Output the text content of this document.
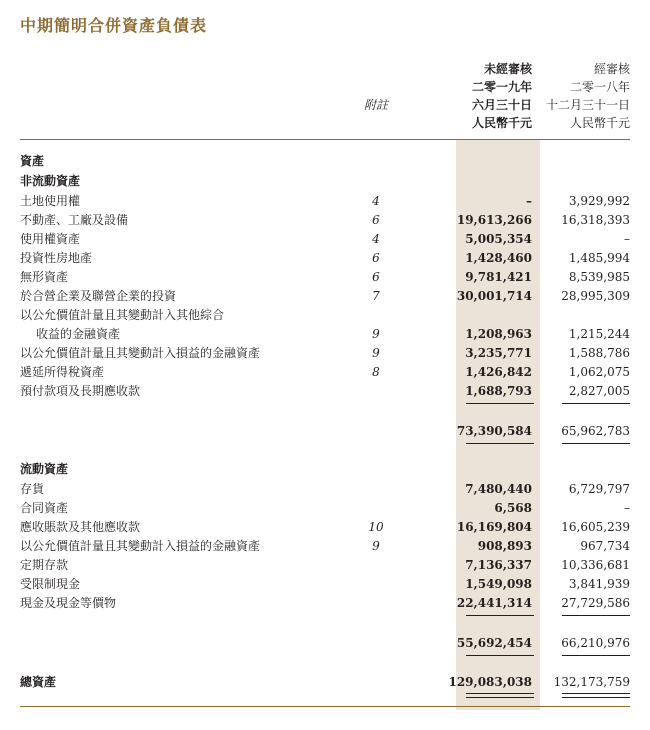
中期簡明合併資產負債表
附註
未經審核
二零一九年
六月三十日
人民幣千元
經審核
二零一八年
十二月三十一日
人民幣千元
資產
非流動資產
土地使用權	4	–	3,929,992
不動產、工廠及設備	6	19,613,266	16,318,393
使用權資產	4	5,005,354	–
投資性房地產	6	1,428,460	1,485,994
無形資產	6	9,781,421	8,539,985
於合營企業及聯營企業的投資	7	30,001,714	28,995,309
以公允價值計量且其變動計入其他綜合
收益的金融資產	9	1,208,963	1,215,244
以公允價值計量且其變動計入損益的金融資產	9	3,235,771	1,588,786
遞延所得稅資產	8	1,426,842	1,062,075
預付款項及長期應收款	1,688,793	2,827,005
73,390,584	65,962,783
流動資產
存貨	7,480,440	6,729,797
合同資產	6,568	–
應收賬款及其他應收款	10	16,169,804	16,605,239
以公允價值計量且其變動計入損益的金融資產	9	908,893	967,734
定期存款	7,136,337	10,336,681
受限制現金	1,549,098	3,841,939
現金及現金等價物	22,441,314	27,729,586
55,692,454	66,210,976
總資產	129,083,038	132,173,759
